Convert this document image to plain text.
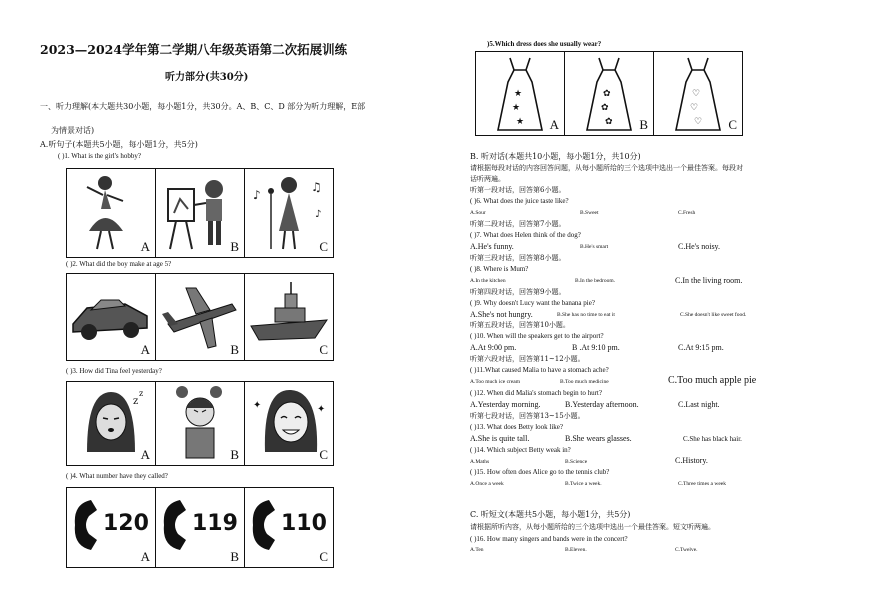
2023—2024学年第二学期八年级英语第二次拓展训练
听力部分(共30分)
一、听力理解(本大题共30小题，每小题1分，共30分。A、B、C、D 部分为听力理解，E部
为情景对话)
A.听句子(本题共5小题，每小题1分，共5分)
( )1. What is the girl's hobby?
A	B
♪
♫
♪
C
( )2. What did the boy make at age 5?
A	B	C
( )3. How did Tina feel yesterday?
z
z
A	B
✦	✦
C
( )4. What number have they called?
120
A
119
B
110
C
)5.Which dress does she usually wear?
★
★
★ A
✿
✿
✿ B
♡
♡
♡ C
B. 听对话(本题共10小题，每小题1分，共10分)
请根据每段对话的内容回答问题，从每小题所给的三个选项中选出一个最佳答案。每段对
话听两遍。
听第一段对话，回答第6小题。
( )6. What does the juice taste like?
A.Sour	B.Sweet	C.Fresh
听第二段对话，回答第7小题。
( )7. What does Helen think of the dog?
A.He's funny.	B.He's smart	C.He's noisy.
听第三段对话，回答第8小题。
( )8. Where is Mum?
A.In the kitchen	B.In the bedroom.	C.In the living room.
听第四段对话，回答第9小题。
( )9. Why doesn't Lucy want the banana pie?
A.She's not hungry.	B.She has no time to eat it	C.She doesn't like sweet food.
听第五段对话，回答第10小题。
( )10. When will the speakers get to the airport?
A.At 9:00 pm.	B .At 9:10 pm.	C.At 9:15 pm.
听第六段对话，回答第11~12小题。
( )11.What caused Malia to have a stomach ache?
A.Too much ice cream	B.Too much medicine	C.Too much apple pie
( )12. When did Malia's stomach begin to hurt?
A.Yesterday morning.	B.Yesterday afternoon.	C.Last night.
听第七段对话，回答第13~15小题。
( )13. What does Betty look like?
A.She is quite tall.	B.She wears glasses.	C.She has black hair.
( )14. Which subject Betty weak in?
A.Maths	B.Science	C.History.
( )15. How often does Alice go to the tennis club?
A.Once a week	B.Twice a week.	C.Three times a week
C. 听短文(本题共5小题，每小题1分，共5分)
请根据所听内容，从每小题所给的三个选项中选出一个最佳答案。短文听两遍。
( )16. How many singers and bands were in the concert?
A.Ten	B.Eleven.	C.Twelve.
